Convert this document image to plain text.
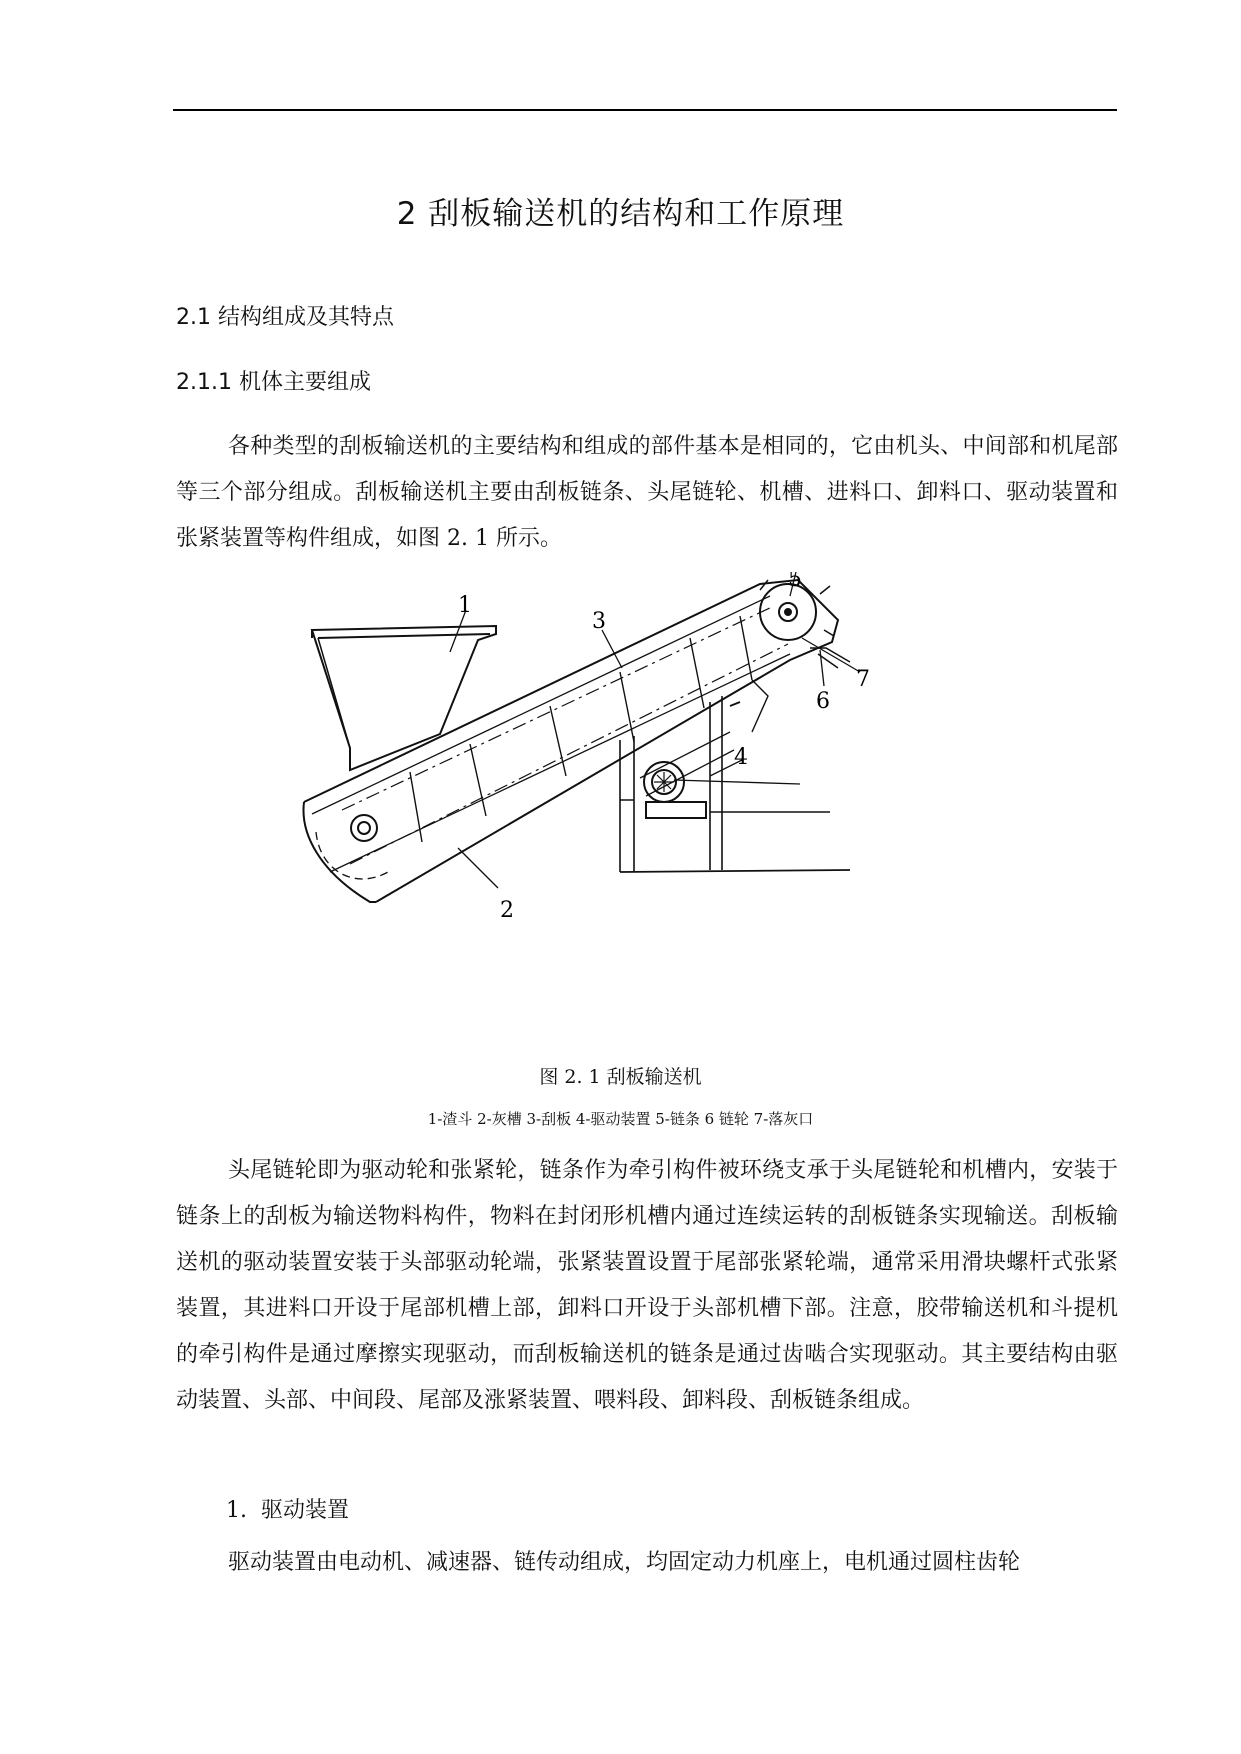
2 刮板输送机的结构和工作原理
2.1 结构组成及其特点
2.1.1 机体主要组成

各种类型的刮板输送机的主要结构和组成的部件基本是相同的，它由机头、中间部和机尾部等三个部分组成。刮板输送机主要由刮板链条、头尾链轮、机槽、进料口、卸料口、驱动装置和张紧装置等构件组成，如图 2. 1 所示。

1
2
3
4
5
6
7
图 2. 1 刮板输送机
1-渣斗 2-灰槽 3-刮板 4-驱动装置 5-链条 6 链轮 7-落灰口

头尾链轮即为驱动轮和张紧轮，链条作为牵引构件被环绕支承于头尾链轮和机槽内，安装于链条上的刮板为输送物料构件，物料在封闭形机槽内通过连续运转的刮板链条实现输送。刮板输送机的驱动装置安装于头部驱动轮端，张紧装置设置于尾部张紧轮端，通常采用滑块螺杆式张紧装置，其进料口开设于尾部机槽上部，卸料口开设于头部机槽下部。注意，胶带输送机和斗提机的牵引构件是通过摩擦实现驱动，而刮板输送机的链条是通过齿啮合实现驱动。其主要结构由驱动装置、头部、中间段、尾部及涨紧装置、喂料段、卸料段、刮板链条组成。

1. 驱动装置

驱动装置由电动机、减速器、链传动组成，均固定动力机座上，电机通过圆柱齿轮
